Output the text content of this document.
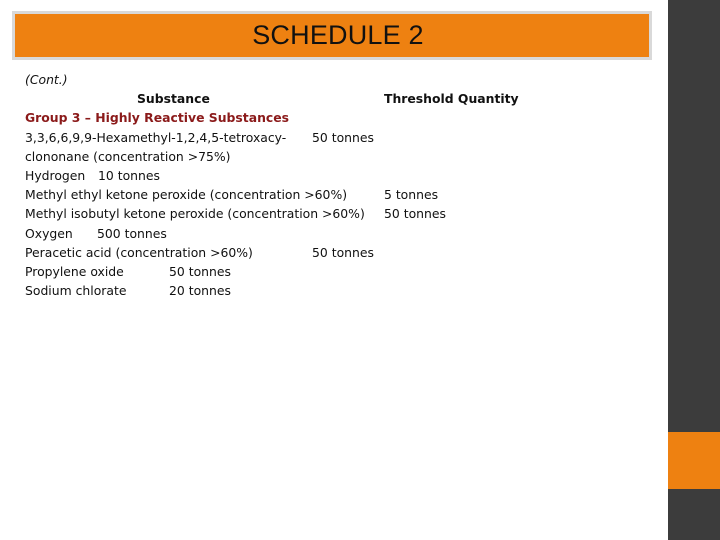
SCHEDULE 2
(Cont.)
Substance	Threshold Quantity
Group 3 – Highly Reactive Substances
3,3,6,6,9,9-Hexamethyl-1,2,4,5-tetroxacy- 50 tonnes
clononane (concentration >75%)
Hydrogen 10 tonnes
Methyl ethyl ketone peroxide (concentration >60%)	5 tonnes
Methyl isobutyl ketone peroxide (concentration >60%) 50 tonnes
Oxygen 500 tonnes
Peracetic acid (concentration >60%)	50 tonnes
Propylene oxide	50 tonnes
Sodium chlorate	20 tonnes
